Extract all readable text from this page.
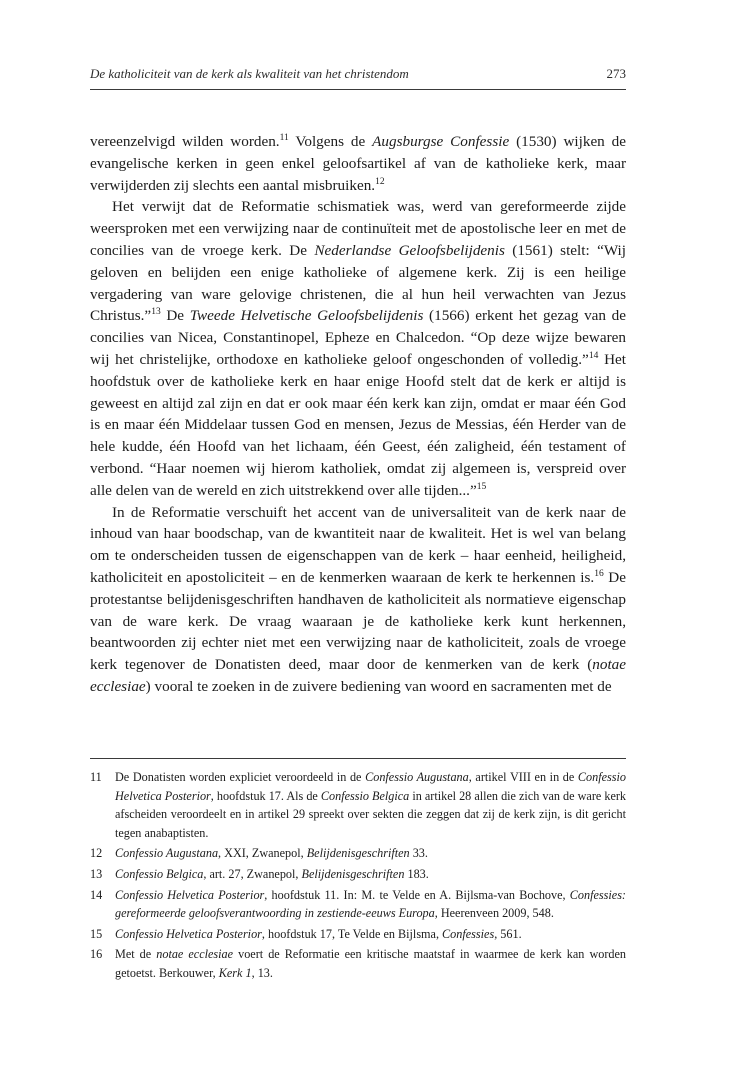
De katholiciteit van de kerk als kwaliteit van het christendom	273

vereenzelvigd wilden worden.$^{11}$ Volgens de Augsburgse Confessie (1530) wijken de evangelische kerken in geen enkel geloofsartikel af van de katholieke kerk, maar verwijderden zij slechts een aantal misbruiken.$^{12}$

Het verwijt dat de Reformatie schismatiek was, werd van gereformeerde zijde weersproken met een verwijzing naar de continuïteit met de apostolische leer en met de concilies van de vroege kerk. De Nederlandse Geloofsbelijdenis (1561) stelt: “Wij geloven en belijden een enige katholieke of algemene kerk. Zij is een heilige vergadering van ware gelovige christenen, die al hun heil verwachten van Jezus Christus.”$^{13}$ De Tweede Helvetische Geloofsbelijdenis (1566) erkent het gezag van de concilies van Nicea, Constantinopel, Epheze en Chalcedon. “Op deze wijze bewaren wij het christelijke, orthodoxe en katholieke geloof ongeschonden of volledig.”$^{14}$ Het hoofdstuk over de katholieke kerk en haar enige Hoofd stelt dat de kerk er altijd is geweest en altijd zal zijn en dat er ook maar één kerk kan zijn, omdat er maar één God is en maar één Middelaar tussen God en mensen, Jezus de Messias, één Herder van de hele kudde, één Hoofd van het lichaam, één Geest, één zaligheid, één testament of verbond. “Haar noemen wij hierom katholiek, omdat zij algemeen is, verspreid over alle delen van de wereld en zich uitstrekkend over alle tijden...”$^{15}$

In de Reformatie verschuift het accent van de universaliteit van de kerk naar de inhoud van haar boodschap, van de kwantiteit naar de kwaliteit. Het is wel van belang om te onderscheiden tussen de eigenschappen van de kerk – haar eenheid, heiligheid, katholiciteit en apostoliciteit – en de kenmerken waaraan de kerk te herkennen is.$^{16}$ De protestantse belijdenisgeschriften handhaven de katholiciteit als normatieve eigenschap van de ware kerk. De vraag waaraan je de katholieke kerk kunt herkennen, beantwoorden zij echter niet met een verwijzing naar de katholiciteit, zoals de vroege kerk tegenover de Donatisten deed, maar door de kenmerken van de kerk (notae ecclesiae) vooral te zoeken in de zuivere bediening van woord en sacramenten met de

11 De Donatisten worden expliciet veroordeeld in de Confessio Augustana, artikel VIII en in de Confessio Helvetica Posterior, hoofdstuk 17. Als de Confessio Belgica in artikel 28 allen die zich van de ware kerk afscheiden veroordeelt en in artikel 29 spreekt over sekten die zeggen dat zij de kerk zijn, is dit gericht tegen anabaptisten.
12 Confessio Augustana, XXI, Zwanepol, Belijdenisgeschriften 33.
13 Confessio Belgica, art. 27, Zwanepol, Belijdenisgeschriften 183.
14 Confessio Helvetica Posterior, hoofdstuk 11. In: M. te Velde en A. Bijlsma-van Bochove, Confessies: gereformeerde geloofsverantwoording in zestiende-eeuws Europa, Heerenveen 2009, 548.
15 Confessio Helvetica Posterior, hoofdstuk 17, Te Velde en Bijlsma, Confessies, 561.
16 Met de notae ecclesiae voert de Reformatie een kritische maatstaf in waarmee de kerk kan worden getoetst. Berkouwer, Kerk 1, 13.
